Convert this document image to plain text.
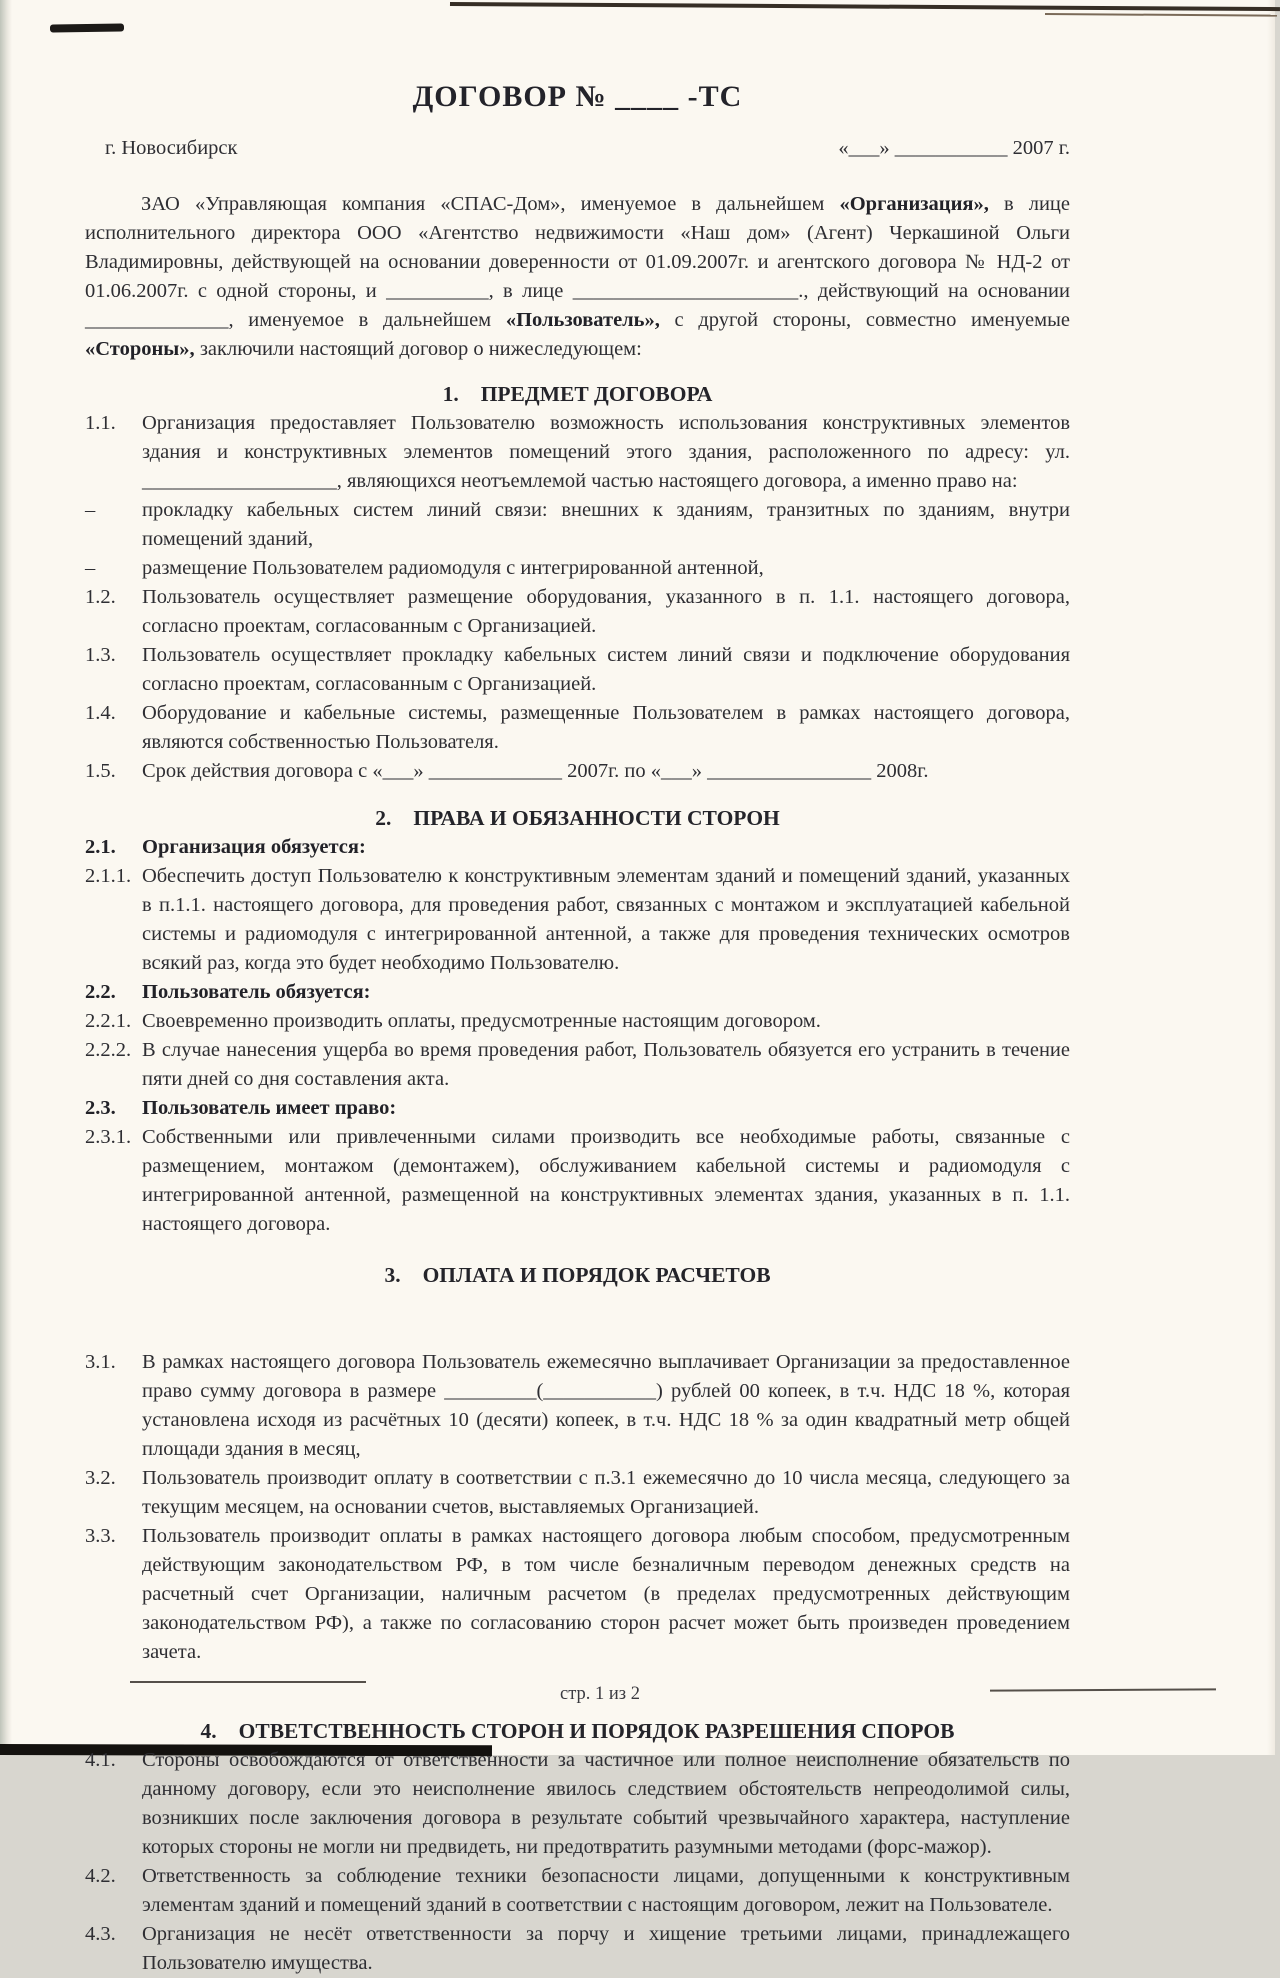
ДОГОВОР № ____ -ТС
г. Новосибирск	«___» ___________ 2007 г.
ЗАО «Управляющая компания «СПАС-Дом», именуемое в дальнейшем «Организация», в лице исполнительного директора ООО «Агентство недвижимости «Наш дом» (Агент) Черкашиной Ольги Владимировны, действующей на основании доверенности от 01.09.2007г. и агентского договора № НД-2 от 01.06.2007г. с одной стороны, и __________, в лице ______________________., действующий на основании ______________, именуемое в дальнейшем «Пользователь», с другой стороны, совместно именуемые «Стороны», заключили настоящий договор о нижеследующем:
1. ПРЕДМЕТ ДОГОВОРА
1.1. Организация предоставляет Пользователю возможность использования конструктивных элементов здания и конструктивных элементов помещений этого здания, расположенного по адресу: ул. ___________________, являющихся неотъемлемой частью настоящего договора, а именно право на:
– прокладку кабельных систем линий связи: внешних к зданиям, транзитных по зданиям, внутри помещений зданий,
– размещение Пользователем радиомодуля с интегрированной антенной,
1.2. Пользователь осуществляет размещение оборудования, указанного в п. 1.1. настоящего договора, согласно проектам, согласованным с Организацией.
1.3. Пользователь осуществляет прокладку кабельных систем линий связи и подключение оборудования согласно проектам, согласованным с Организацией.
1.4. Оборудование и кабельные системы, размещенные Пользователем в рамках настоящего договора, являются собственностью Пользователя.
1.5. Срок действия договора с «___» _____________ 2007г. по «___» ________________ 2008г.
2. ПРАВА И ОБЯЗАННОСТИ СТОРОН
2.1. Организация обязуется:
2.1.1. Обеспечить доступ Пользователю к конструктивным элементам зданий и помещений зданий, указанных в п.1.1. настоящего договора, для проведения работ, связанных с монтажом и эксплуатацией кабельной системы и радиомодуля с интегрированной антенной, а также для проведения технических осмотров всякий раз, когда это будет необходимо Пользователю.
2.2. Пользователь обязуется:
2.2.1. Своевременно производить оплаты, предусмотренные настоящим договором.
2.2.2. В случае нанесения ущерба во время проведения работ, Пользователь обязуется его устранить в течение пяти дней со дня составления акта.
2.3. Пользователь имеет право:
2.3.1. Собственными или привлеченными силами производить все необходимые работы, связанные с размещением, монтажом (демонтажем), обслуживанием кабельной системы и радиомодуля с интегрированной антенной, размещенной на конструктивных элементах здания, указанных в п. 1.1. настоящего договора.
3. ОПЛАТА И ПОРЯДОК РАСЧЕТОВ
3.1. В рамках настоящего договора Пользователь ежемесячно выплачивает Организации за предоставленное право сумму договора в размере _________(___________) рублей 00 копеек, в т.ч. НДС 18 %, которая установлена исходя из расчётных 10 (десяти) копеек, в т.ч. НДС 18 % за один квадратный метр общей площади здания в месяц,
3.2. Пользователь производит оплату в соответствии с п.3.1 ежемесячно до 10 числа месяца, следующего за текущим месяцем, на основании счетов, выставляемых Организацией.
3.3. Пользователь производит оплаты в рамках настоящего договора любым способом, предусмотренным действующим законодательством РФ, в том числе безналичным переводом денежных средств на расчетный счет Организации, наличным расчетом (в пределах предусмотренных действующим законодательством РФ), а также по согласованию сторон расчет может быть произведен проведением зачета.
4. ОТВЕТСТВЕННОСТЬ СТОРОН И ПОРЯДОК РАЗРЕШЕНИЯ СПОРОВ
4.1. Стороны освобождаются от ответственности за частичное или полное неисполнение обязательств по данному договору, если это неисполнение явилось следствием обстоятельств непреодолимой силы, возникших после заключения договора в результате событий чрезвычайного характера, наступление которых стороны не могли ни предвидеть, ни предотвратить разумными методами (форс-мажор).
4.2. Ответственность за соблюдение техники безопасности лицами, допущенными к конструктивным элементам зданий и помещений зданий в соответствии с настоящим договором, лежит на Пользователе.
4.3. Организация не несёт ответственности за порчу и хищение третьими лицами, принадлежащего Пользователю имущества.
стр. 1 из 2
